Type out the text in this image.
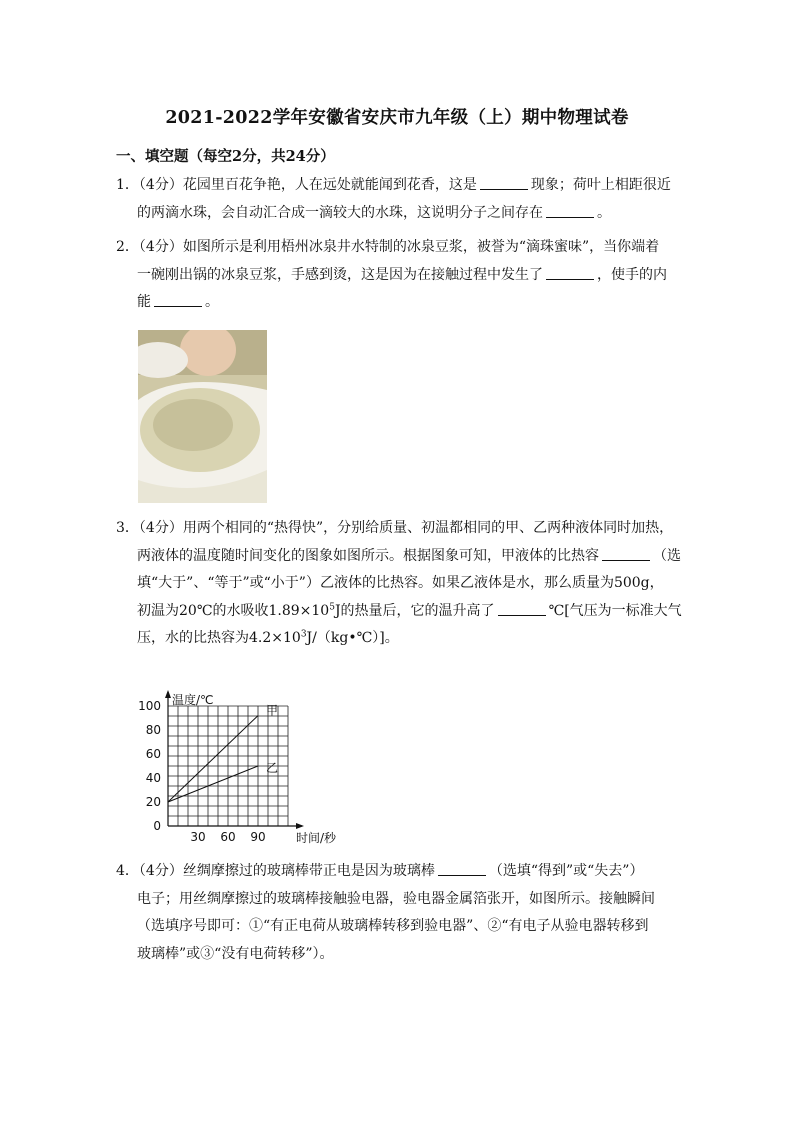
2021-2022学年安徽省安庆市九年级（上）期中物理试卷
一、填空题（每空2分，共24分）
1．（4分）花园里百花争艳，人在远处就能闻到花香，这是	现象；荷叶上相距很近
的两滴水珠，会自动汇合成一滴较大的水珠，这说明分子之间存在	。
2．（4分）如图所示是利用梧州冰泉井水特制的冰泉豆浆，被誉为“滴珠蜜味”，当你端着
一碗刚出锅的冰泉豆浆，手感到烫，这是因为在接触过程中发生了	，使手的内
能	。
3．（4分）用两个相同的“热得快”，分别给质量、初温都相同的甲、乙两种液体同时加热，
两液体的温度随时间变化的图象如图所示。根据图象可知，甲液体的比热容	（选
填“大于”、“等于”或“小于”）乙液体的比热容。如果乙液体是水，那么质量为500g，
初温为20℃的水吸收$1.89\times 10^5J$的热量后，它的温升高了	℃[气压为一标准大气
压，水的比热容为$4.2\times 10^3J/(kg•℃)$]。
0
20
40
60
80
100
30 60 90
温度/℃
时间/秒
甲
乙
4．（4分）丝绸摩擦过的玻璃棒带正电是因为玻璃棒	（选填“得到”或“失去”）
电子；用丝绸摩擦过的玻璃棒接触验电器，验电器金属箔张开，如图所示。接触瞬间
（选填序号即可：①“有正电荷从玻璃棒转移到验电器”、②“有电子从验电器转移到
玻璃棒”或③“没有电荷转移”）。
